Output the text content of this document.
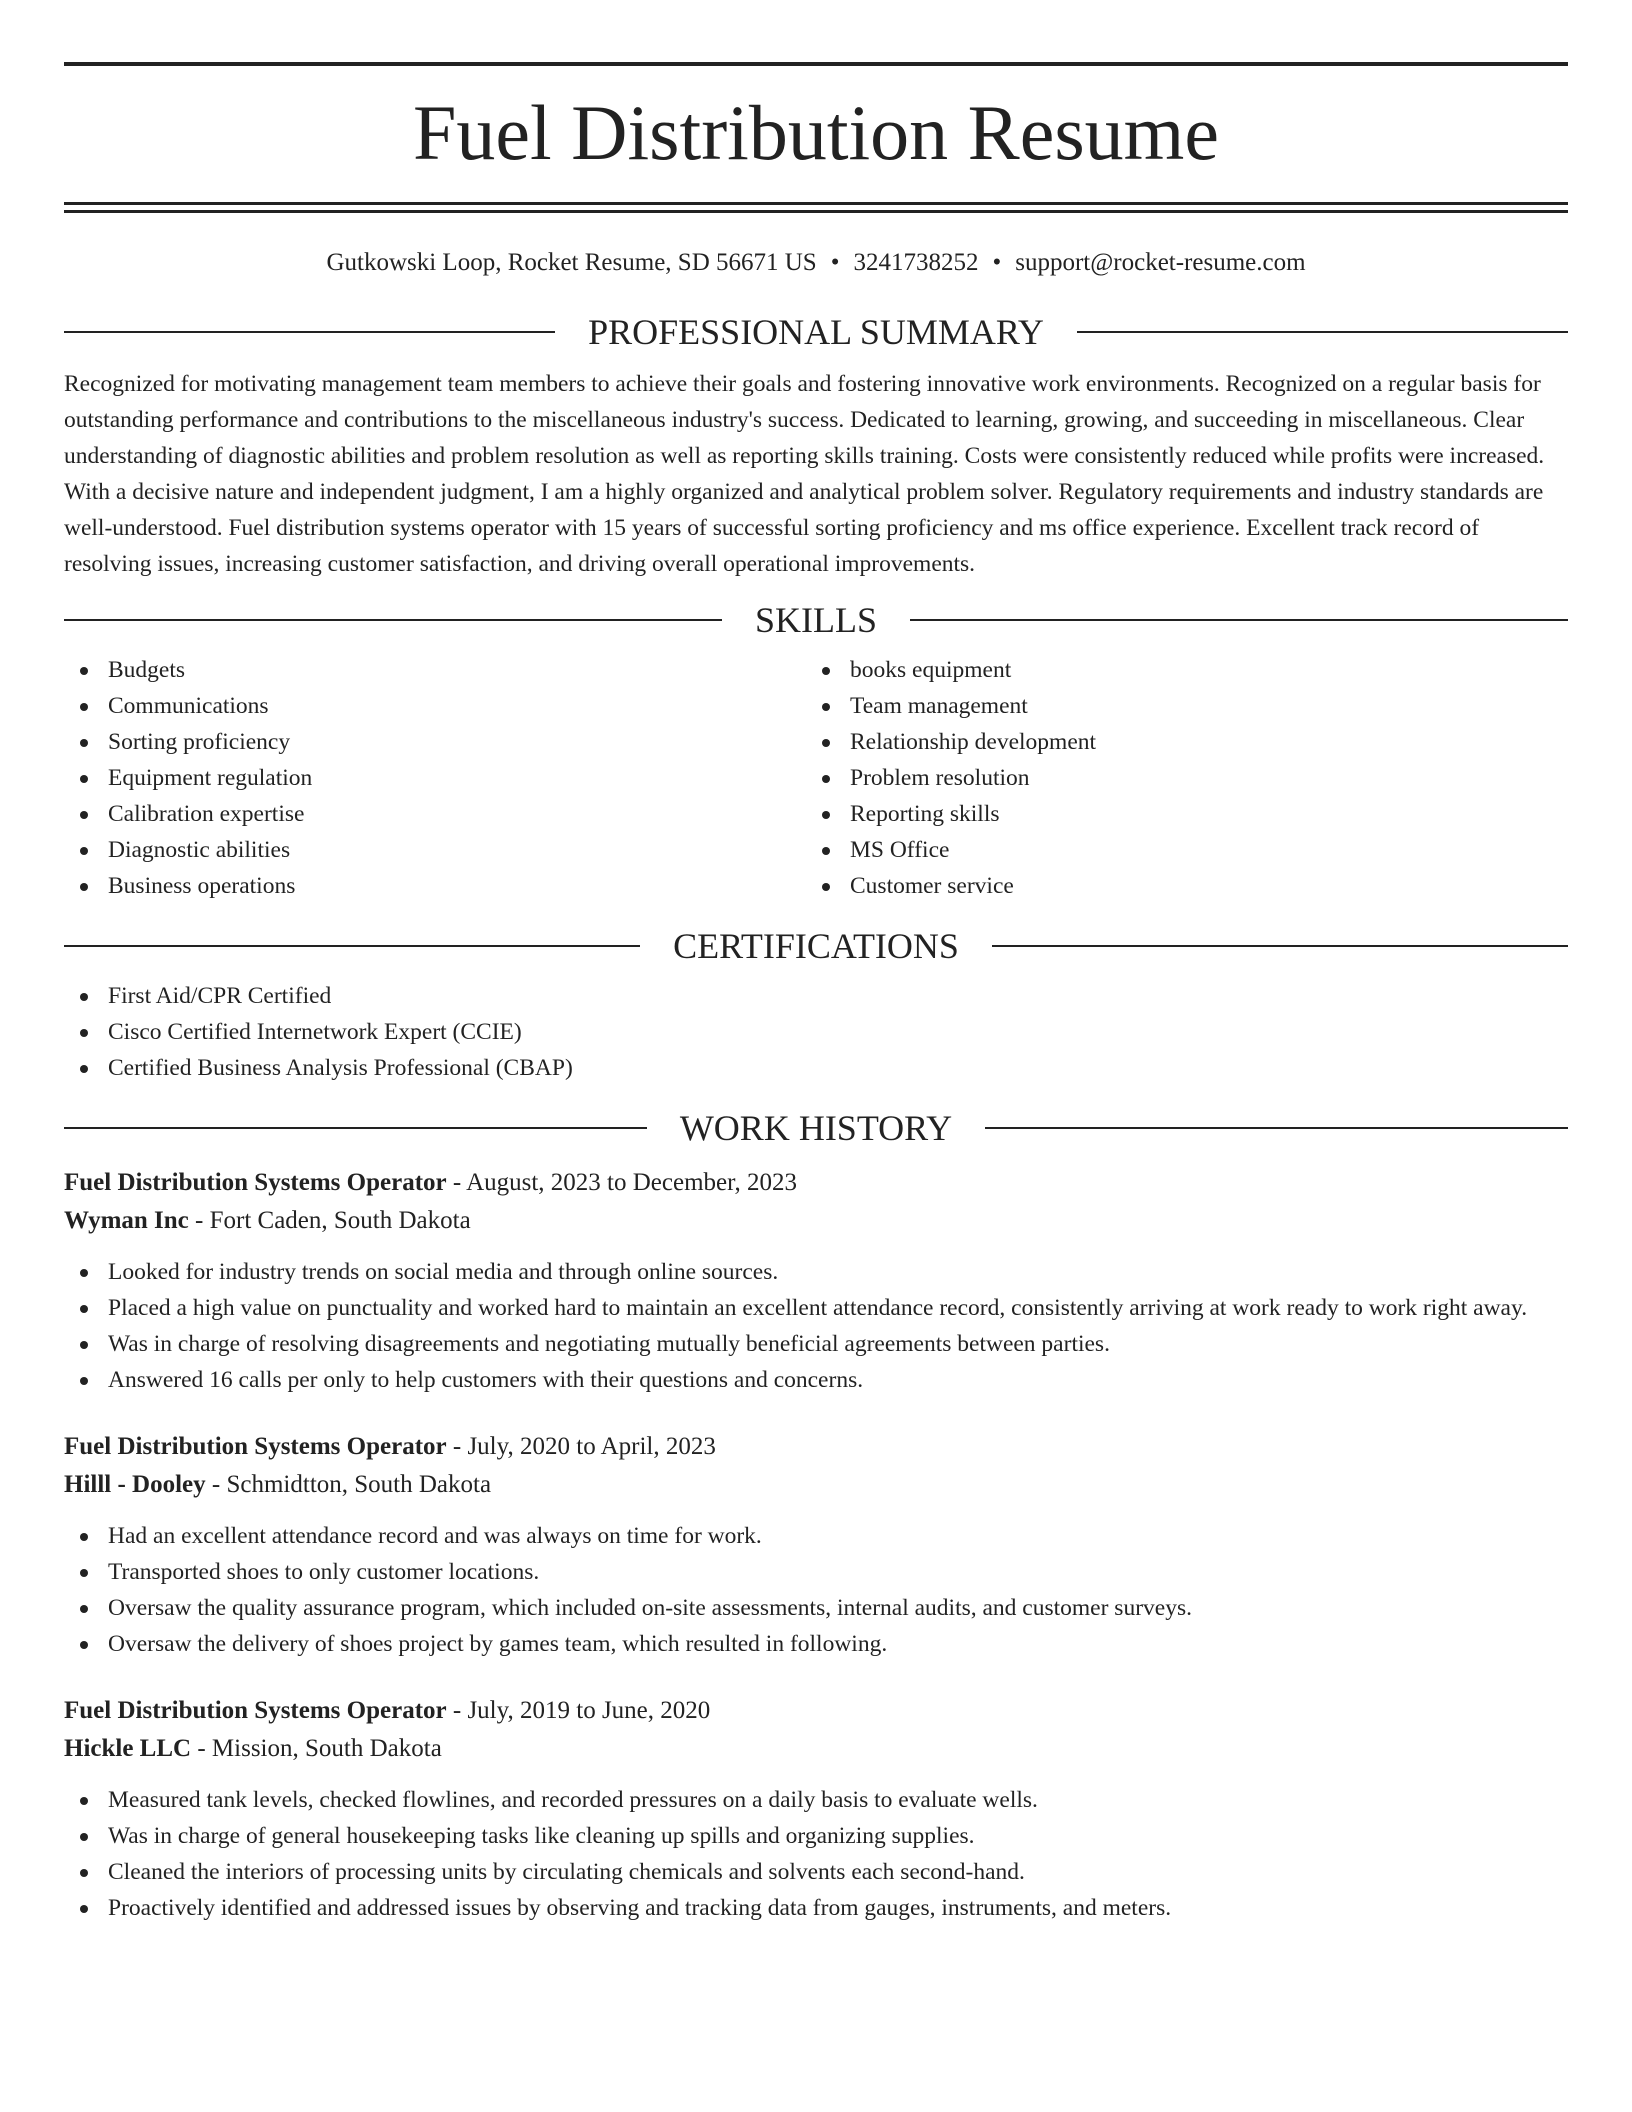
Fuel Distribution Resume
Gutkowski Loop, Rocket Resume, SD 56671 US • 3241738252 • support@rocket-resume.com
PROFESSIONAL SUMMARY

Recognized for motivating management team members to achieve their goals and fostering innovative work environments. Recognized on a regular basis for outstanding performance and contributions to the miscellaneous industry's success. Dedicated to learning, growing, and succeeding in miscellaneous. Clear understanding of diagnostic abilities and problem resolution as well as reporting skills training. Costs were consistently reduced while profits were increased. With a decisive nature and independent judgment, I am a highly organized and analytical problem solver. Regulatory requirements and industry standards are well-understood. Fuel distribution systems operator with 15 years of successful sorting proficiency and ms office experience. Excellent track record of resolving issues, increasing customer satisfaction, and driving overall operational improvements.

SKILLS
Budgets
Communications
Sorting proficiency
Equipment regulation
Calibration expertise
Diagnostic abilities
Business operations
books equipment
Team management
Relationship development
Problem resolution
Reporting skills
MS Office
Customer service
CERTIFICATIONS
First Aid/CPR Certified
Cisco Certified Internetwork Expert (CCIE)
Certified Business Analysis Professional (CBAP)
WORK HISTORY
Fuel Distribution Systems Operator - August, 2023 to December, 2023
Wyman Inc - Fort Caden, South Dakota
Looked for industry trends on social media and through online sources.
Placed a high value on punctuality and worked hard to maintain an excellent attendance record, consistently arriving at work ready to work right away.
Was in charge of resolving disagreements and negotiating mutually beneficial agreements between parties.
Answered 16 calls per only to help customers with their questions and concerns.
Fuel Distribution Systems Operator - July, 2020 to April, 2023
Hilll - Dooley - Schmidtton, South Dakota
Had an excellent attendance record and was always on time for work.
Transported shoes to only customer locations.
Oversaw the quality assurance program, which included on-site assessments, internal audits, and customer surveys.
Oversaw the delivery of shoes project by games team, which resulted in following.
Fuel Distribution Systems Operator - July, 2019 to June, 2020
Hickle LLC - Mission, South Dakota
Measured tank levels, checked flowlines, and recorded pressures on a daily basis to evaluate wells.
Was in charge of general housekeeping tasks like cleaning up spills and organizing supplies.
Cleaned the interiors of processing units by circulating chemicals and solvents each second-hand.
Proactively identified and addressed issues by observing and tracking data from gauges, instruments, and meters.
